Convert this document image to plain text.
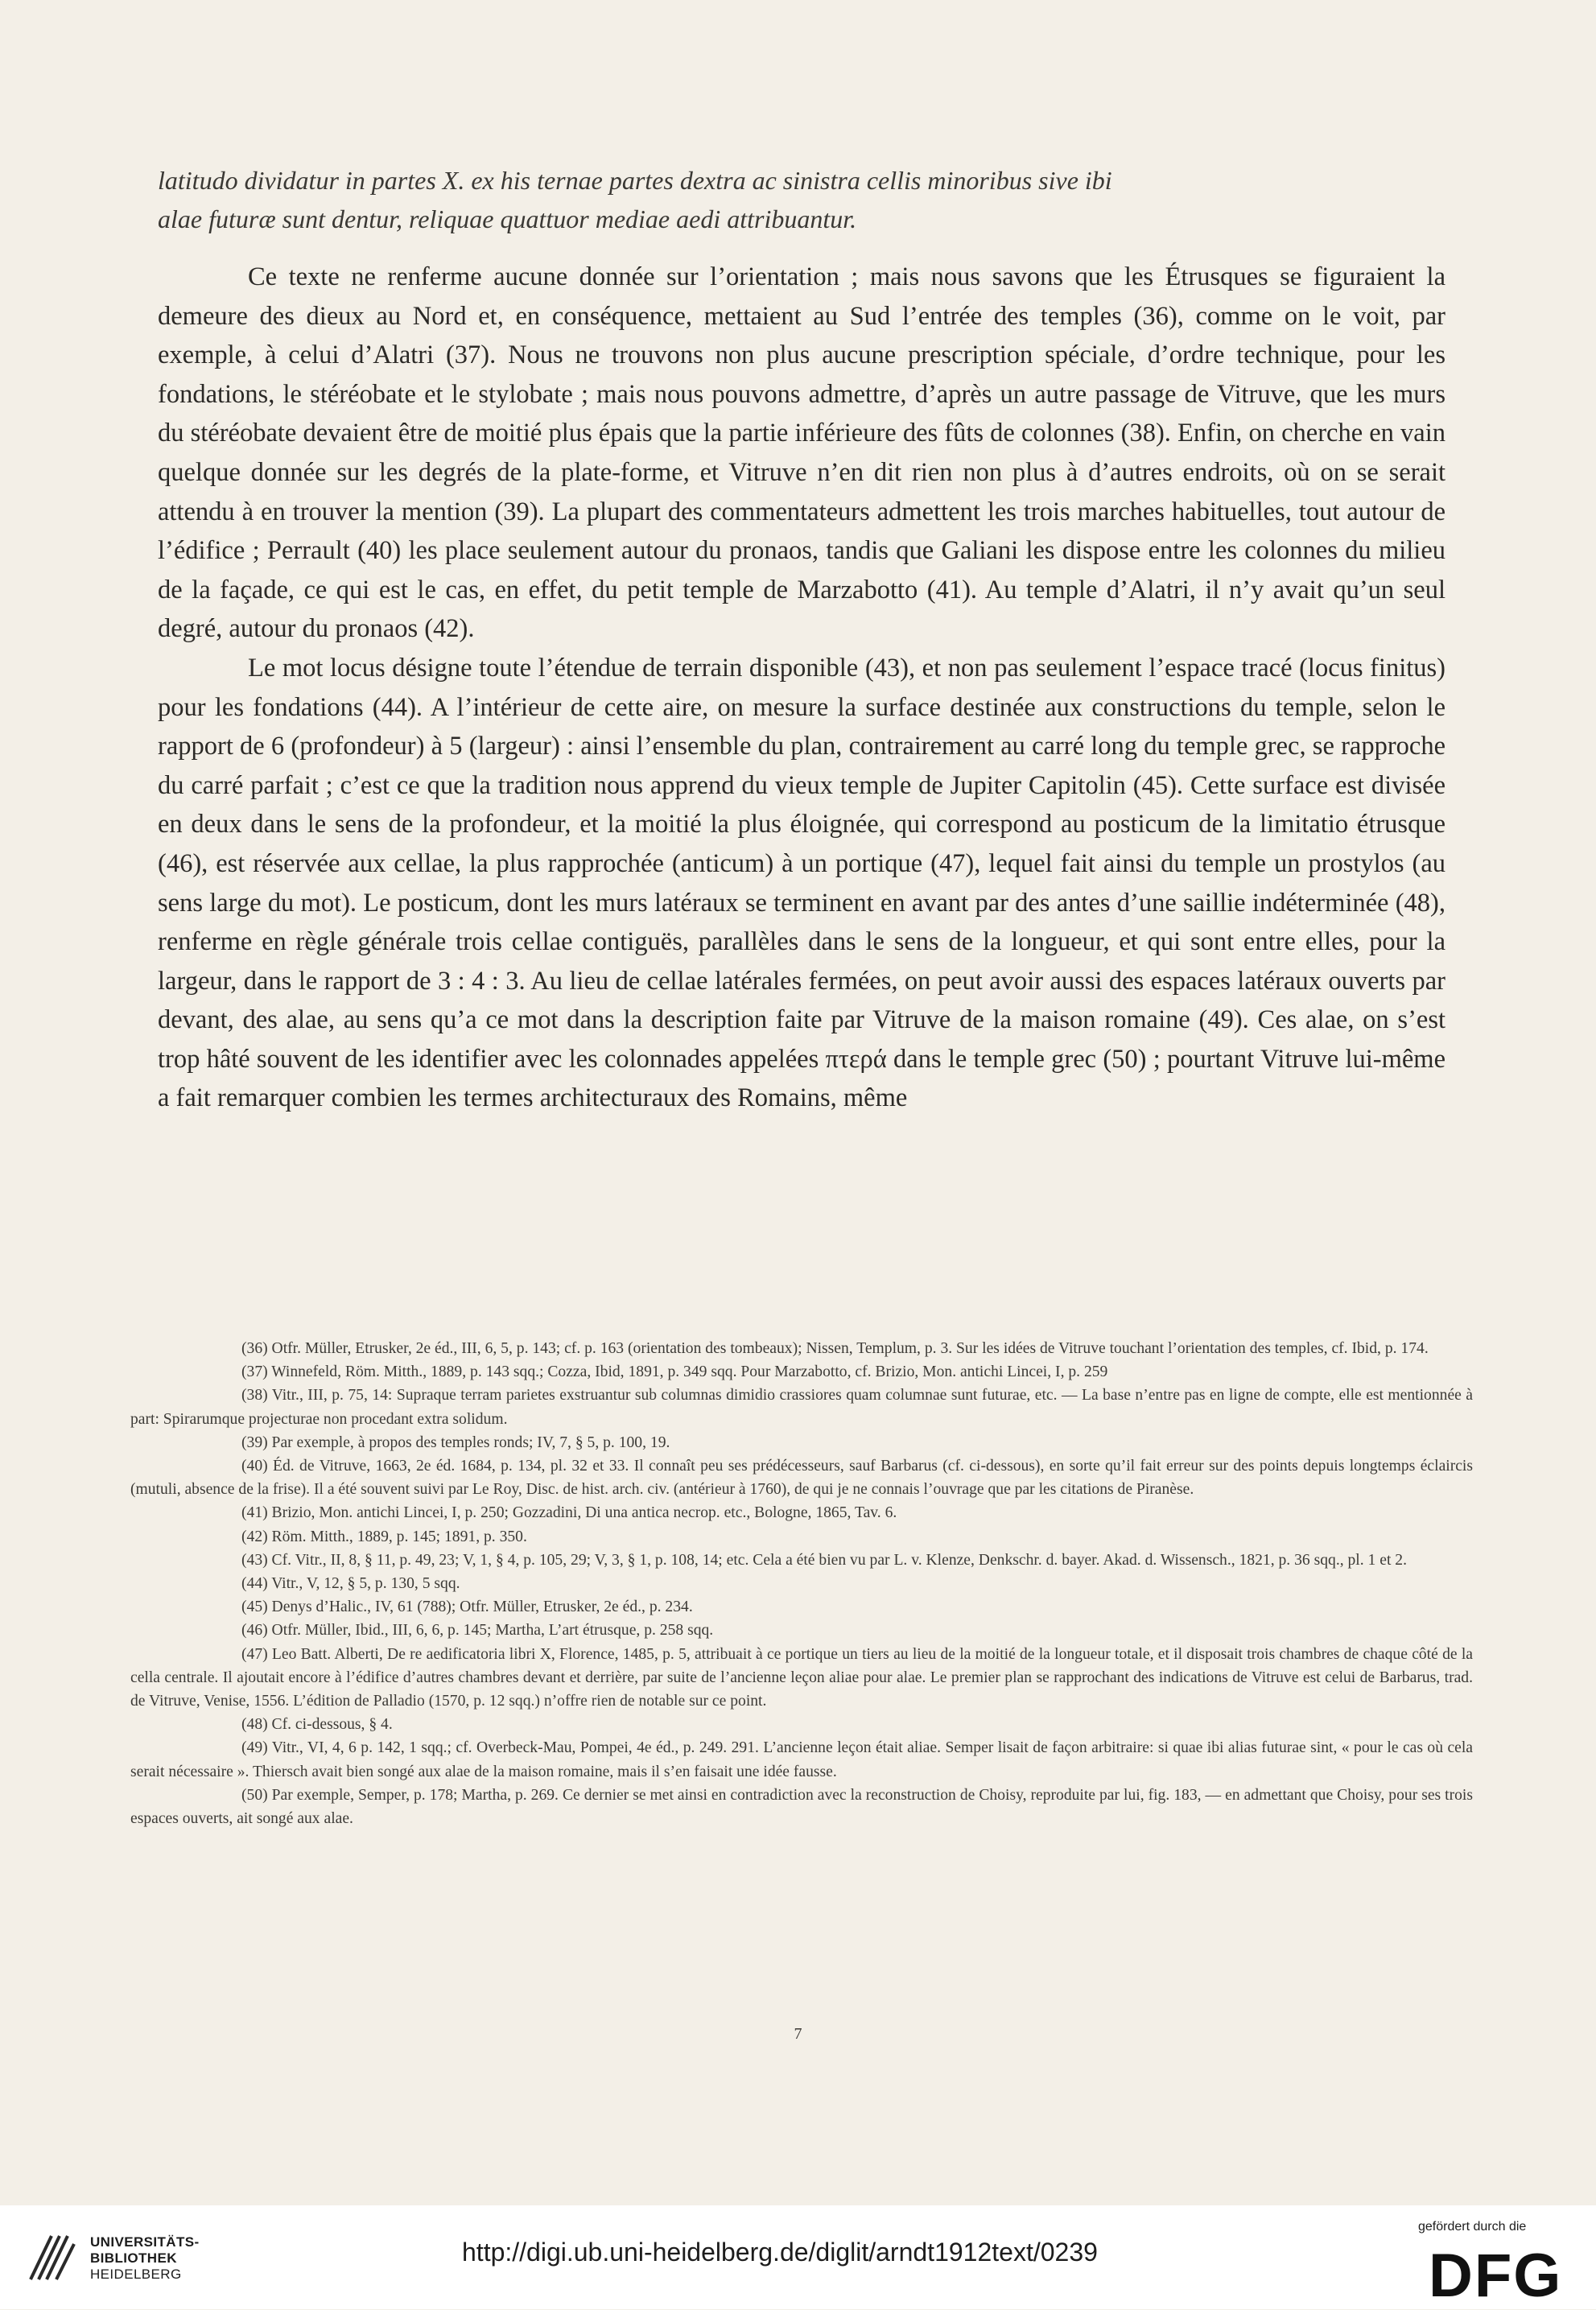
latitudo dividatur in partes X. ex his ternae partes dextra ac sinistra cellis minoribus sive ibi

alae futuræ sunt dentur, reliquae quattuor mediae aedi attribuantur.

Ce texte ne renferme aucune donnée sur l’orientation ; mais nous savons que les Étrusques se figuraient la demeure des dieux au Nord et, en conséquence, mettaient au Sud l’entrée des temples (36), comme on le voit, par exemple, à celui d’Alatri (37). Nous ne trouvons non plus aucune prescription spéciale, d’ordre technique, pour les fondations, le stéréobate et le stylobate ; mais nous pouvons admettre, d’après un autre passage de Vitruve, que les murs du stéréobate devaient être de moitié plus épais que la partie inférieure des fûts de colonnes (38). Enfin, on cherche en vain quelque donnée sur les degrés de la plate-forme, et Vitruve n’en dit rien non plus à d’autres endroits, où on se serait attendu à en trouver la mention (39). La plupart des commentateurs admettent les trois marches habituelles, tout autour de l’édifice ; Perrault (40) les place seulement autour du pronaos, tandis que Galiani les dispose entre les colonnes du milieu de la façade, ce qui est le cas, en effet, du petit temple de Marzabotto (41). Au temple d’Alatri, il n’y avait qu’un seul degré, autour du pronaos (42).

Le mot locus désigne toute l’étendue de terrain disponible (43), et non pas seulement l’espace tracé (locus finitus) pour les fondations (44). A l’intérieur de cette aire, on mesure la surface destinée aux constructions du temple, selon le rapport de 6 (profondeur) à 5 (largeur) : ainsi l’ensemble du plan, contrairement au carré long du temple grec, se rapproche du carré parfait ; c’est ce que la tradition nous apprend du vieux temple de Jupiter Capitolin (45). Cette surface est divisée en deux dans le sens de la profondeur, et la moitié la plus éloignée, qui correspond au posticum de la limitatio étrusque (46), est réservée aux cellae, la plus rapprochée (anticum) à un portique (47), lequel fait ainsi du temple un prostylos (au sens large du mot). Le posticum, dont les murs latéraux se terminent en avant par des antes d’une saillie indéterminée (48), renferme en règle générale trois cellae contiguës, parallèles dans le sens de la longueur, et qui sont entre elles, pour la largeur, dans le rapport de 3 : 4 : 3. Au lieu de cellae latérales fermées, on peut avoir aussi des espaces latéraux ouverts par devant, des alae, au sens qu’a ce mot dans la description faite par Vitruve de la maison romaine (49). Ces alae, on s’est trop hâté souvent de les identifier avec les colonnades appelées πτερά dans le temple grec (50) ; pourtant Vitruve lui-même a fait remarquer combien les termes architecturaux des Romains, même

(36) Otfr. Müller, Etrusker, 2e éd., III, 6, 5, p. 143; cf. p. 163 (orientation des tombeaux); Nissen, Templum, p. 3. Sur les idées de Vitruve touchant l’orientation des temples, cf. Ibid, p. 174.

(37) Winnefeld, Röm. Mitth., 1889, p. 143 sqq.; Cozza, Ibid, 1891, p. 349 sqq. Pour Marzabotto, cf. Brizio, Mon. antichi Lincei, I, p. 259

(38) Vitr., III, p. 75, 14: Supraque terram parietes exstruantur sub columnas dimidio crassiores quam columnae sunt futurae, etc. — La base n’entre pas en ligne de compte, elle est mentionnée à part: Spirarumque projecturae non procedant extra solidum.

(39) Par exemple, à propos des temples ronds; IV, 7, § 5, p. 100, 19.

(40) Éd. de Vitruve, 1663, 2e éd. 1684, p. 134, pl. 32 et 33. Il connaît peu ses prédécesseurs, sauf Barbarus (cf. ci-dessous), en sorte qu’il fait erreur sur des points depuis longtemps éclaircis (mutuli, absence de la frise). Il a été souvent suivi par Le Roy, Disc. de hist. arch. civ. (antérieur à 1760), de qui je ne connais l’ouvrage que par les citations de Piranèse.

(41) Brizio, Mon. antichi Lincei, I, p. 250; Gozzadini, Di una antica necrop. etc., Bologne, 1865, Tav. 6.

(42) Röm. Mitth., 1889, p. 145; 1891, p. 350.

(43) Cf. Vitr., II, 8, § 11, p. 49, 23; V, 1, § 4, p. 105, 29; V, 3, § 1, p. 108, 14; etc. Cela a été bien vu par L. v. Klenze, Denkschr. d. bayer. Akad. d. Wissensch., 1821, p. 36 sqq., pl. 1 et 2.

(44) Vitr., V, 12, § 5, p. 130, 5 sqq.

(45) Denys d’Halic., IV, 61 (788); Otfr. Müller, Etrusker, 2e éd., p. 234.

(46) Otfr. Müller, Ibid., III, 6, 6, p. 145; Martha, L’art étrusque, p. 258 sqq.

(47) Leo Batt. Alberti, De re aedificatoria libri X, Florence, 1485, p. 5, attribuait à ce portique un tiers au lieu de la moitié de la longueur totale, et il disposait trois chambres de chaque côté de la cella centrale. Il ajoutait encore à l’édifice d’autres chambres devant et derrière, par suite de l’ancienne leçon aliae pour alae. Le premier plan se rapprochant des indications de Vitruve est celui de Barbarus, trad. de Vitruve, Venise, 1556. L’édition de Palladio (1570, p. 12 sqq.) n’offre rien de notable sur ce point.

(48) Cf. ci-dessous, § 4.

(49) Vitr., VI, 4, 6 p. 142, 1 sqq.; cf. Overbeck-Mau, Pompei, 4e éd., p. 249. 291. L’ancienne leçon était aliae. Semper lisait de façon arbitraire: si quae ibi alias futurae sint, « pour le cas où cela serait nécessaire ». Thiersch avait bien songé aux alae de la maison romaine, mais il s’en faisait une idée fausse.

(50) Par exemple, Semper, p. 178; Martha, p. 269. Ce dernier se met ainsi en contradiction avec la reconstruction de Choisy, reproduite par lui, fig. 183, — en admettant que Choisy, pour ses trois espaces ouverts, ait songé aux alae.

7
UNIVERSITÄTS-
BIBLIOTHEK
HEIDELBERG
http://digi.ub.uni-heidelberg.de/diglit/arndt1912text/0239
gefördert durch die
DFG
